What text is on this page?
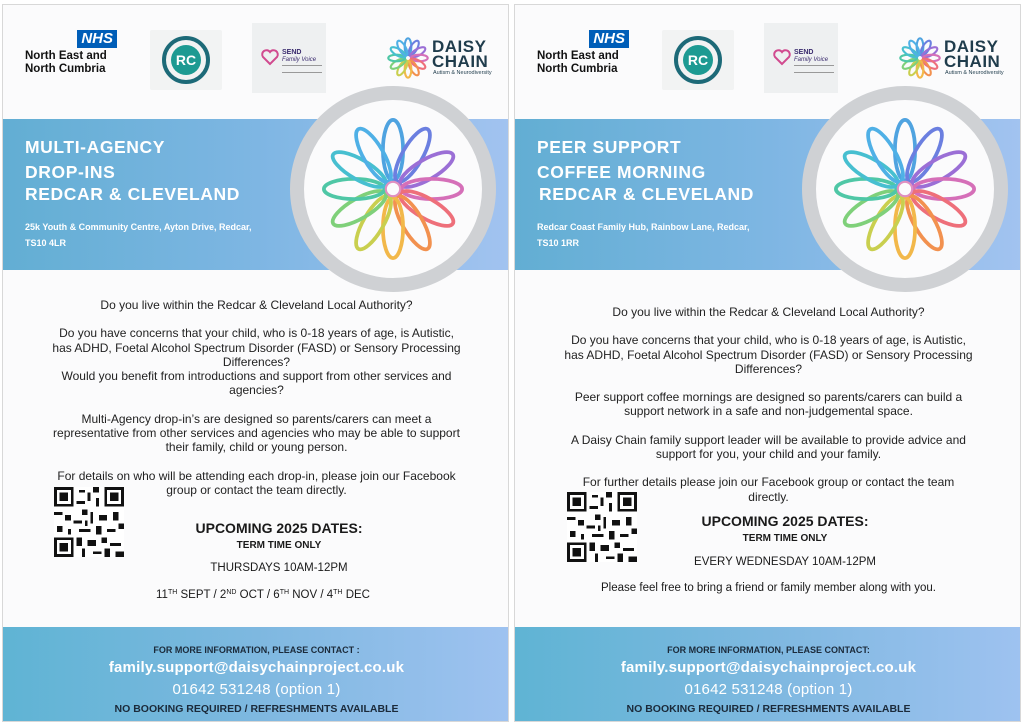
NHS
North East and
North Cumbria
RC	SEND
Family Voice
DAISY
CHAIN
Autism & Neurodiversity
MULTI-AGENCY
DROP-INS
REDCAR & CLEVELAND
25k Youth & Community Centre, Ayton Drive, Redcar,
TS10 4LR

Do you live within the Redcar & Cleveland Local Authority?

Do you have concerns that your child, who is 0-18 years of age, is Autistic,

has ADHD, Foetal Alcohol Spectrum Disorder (FASD) or Sensory Processing

Differences?

Would you benefit from introductions and support from other services and

agencies?

Multi-Agency drop-in’s are designed so parents/carers can meet a

representative from other services and agencies who may be able to support

their family, child or young person.

For details on who will be attending each drop-in, please join our Facebook

group or contact the team directly.

UPCOMING 2025 DATES:
TERM TIME ONLY
THURSDAYS 10AM-12PM
11TH SEPT / 2ND OCT / 6TH NOV / 4TH DEC
FOR MORE INFORMATION, PLEASE CONTACT :
family.support@daisychainproject.co.uk
01642 531248 (option 1)
NO BOOKING REQUIRED / REFRESHMENTS AVAILABLE
NHS
North East and
North Cumbria
RC	SEND
Family Voice
DAISY
CHAIN
Autism & Neurodiversity
PEER SUPPORT
COFFEE MORNING
REDCAR & CLEVELAND
Redcar Coast Family Hub, Rainbow Lane, Redcar,
TS10 1RR

Do you live within the Redcar & Cleveland Local Authority?

Do you have concerns that your child, who is 0-18 years of age, is Autistic,

has ADHD, Foetal Alcohol Spectrum Disorder (FASD) or Sensory Processing

Differences?

Peer support coffee mornings are designed so parents/carers can build a

support network in a safe and non-judgemental space.

A Daisy Chain family support leader will be available to provide advice and

support for you, your child and your family.

For further details please join our Facebook group or contact the team

directly.

UPCOMING 2025 DATES:
TERM TIME ONLY
EVERY WEDNESDAY 10AM-12PM
Please feel free to bring a friend or family member along with you.
FOR MORE INFORMATION, PLEASE CONTACT:
family.support@daisychainproject.co.uk
01642 531248 (option 1)
NO BOOKING REQUIRED / REFRESHMENTS AVAILABLE
